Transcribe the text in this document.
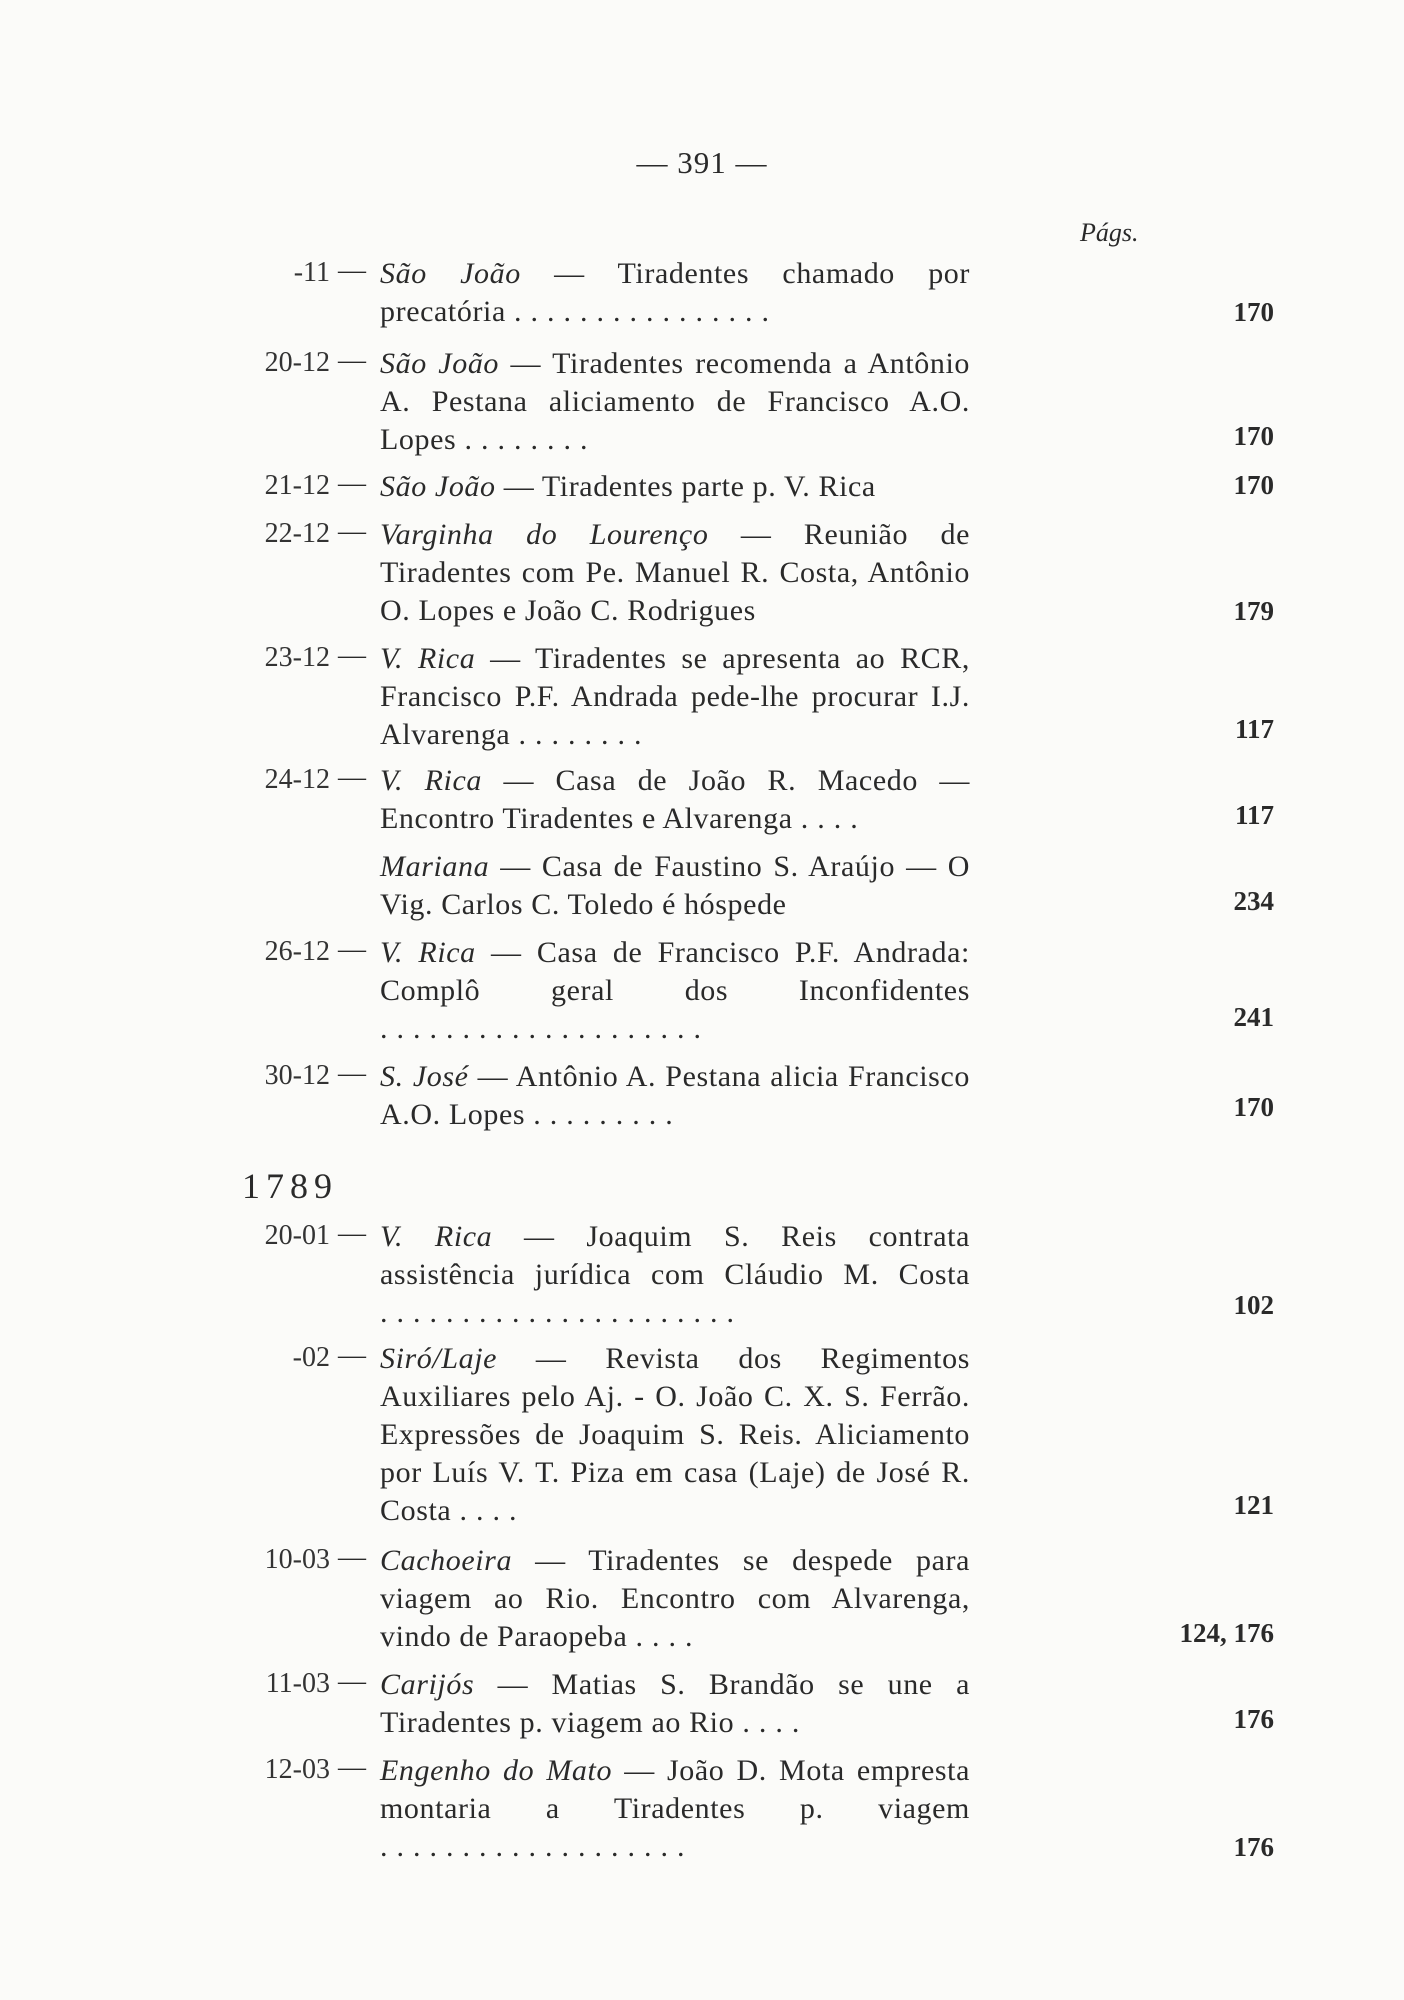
— 391 —
Págs.
-11 — São João — Tiradentes chamado por precatória ................	170
20-12 — São João — Tiradentes recomenda a Antônio A. Pestana aliciamento de Francisco A.O. Lopes ........	170
21-12 — São João — Tiradentes parte p. V. Rica	170
22-12 — Varginha do Lourenço — Reunião de Tiradentes com Pe. Manuel R. Costa, Antônio O. Lopes e João C. Rodrigues	179
23-12 — V. Rica — Tiradentes se apresenta ao RCR, Francisco P.F. Andrada pede-lhe procurar I.J. Alvarenga ........	117
24-12 — V. Rica — Casa de João R. Macedo — Encontro Tiradentes e Alvarenga ....	117
Mariana — Casa de Faustino S. Araújo — O Vig. Carlos C. Toledo é hóspede	234
26-12 — V. Rica — Casa de Francisco P.F. Andrada: Complô geral dos Inconfidentes ....................	241
30-12 — S. José — Antônio A. Pestana alicia Francisco A.O. Lopes .........	170
1789
20-01 — V. Rica — Joaquim S. Reis contrata assistência jurídica com Cláudio M. Costa ......................	102
-02 — Siró/Laje — Revista dos Regimentos Auxiliares pelo Aj. - O. João C. X. S. Ferrão. Expressões de Joaquim S. Reis. Aliciamento por Luís V. T. Piza em casa (Laje) de José R. Costa ....	121
10-03 — Cachoeira — Tiradentes se despede para viagem ao Rio. Encontro com Alvarenga, vindo de Paraopeba ....	124, 176
11-03 — Carijós — Matias S. Brandão se une a Tiradentes p. viagem ao Rio ....	176
12-03 — Engenho do Mato — João D. Mota empresta montaria a Tiradentes p. viagem ...................	176
